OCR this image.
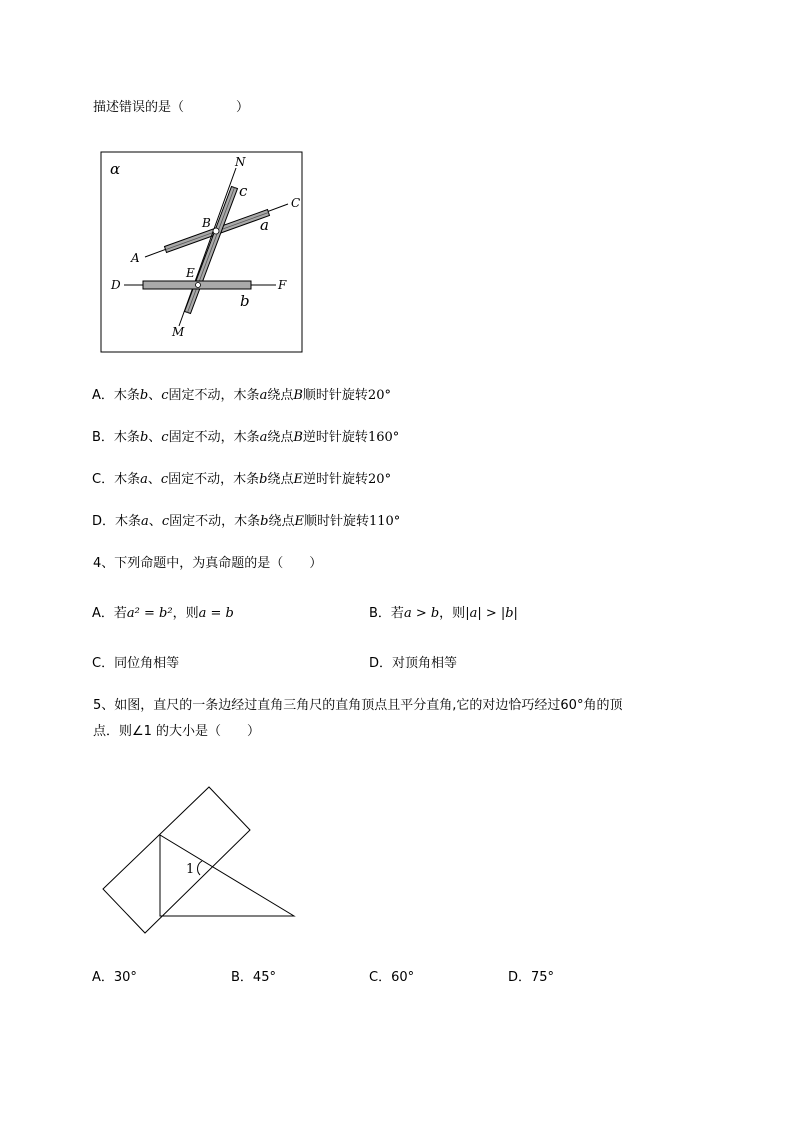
描述错误的是（　　　　）
α	N
c
C
B	a
A
E
D	F
b
M
A．木条b、c固定不动，木条a绕点B顺时针旋转20°
B．木条b、c固定不动，木条a绕点B逆时针旋转160°
C．木条a、c固定不动，木条b绕点E逆时针旋转20°
D．木条a、c固定不动，木条b绕点E顺时针旋转110°
4、下列命题中，为真命题的是（　　）
A．若a² = b²，则a = b	B．若a > b，则|a| > |b|
C．同位角相等	D．对顶角相等
5、如图，直尺的一条边经过直角三角尺的直角顶点且平分直角,它的对边恰巧经过60°角的顶
点．则∠1 的大小是（　　）
1
A．30°	B．45°	C．60°	D．75°
